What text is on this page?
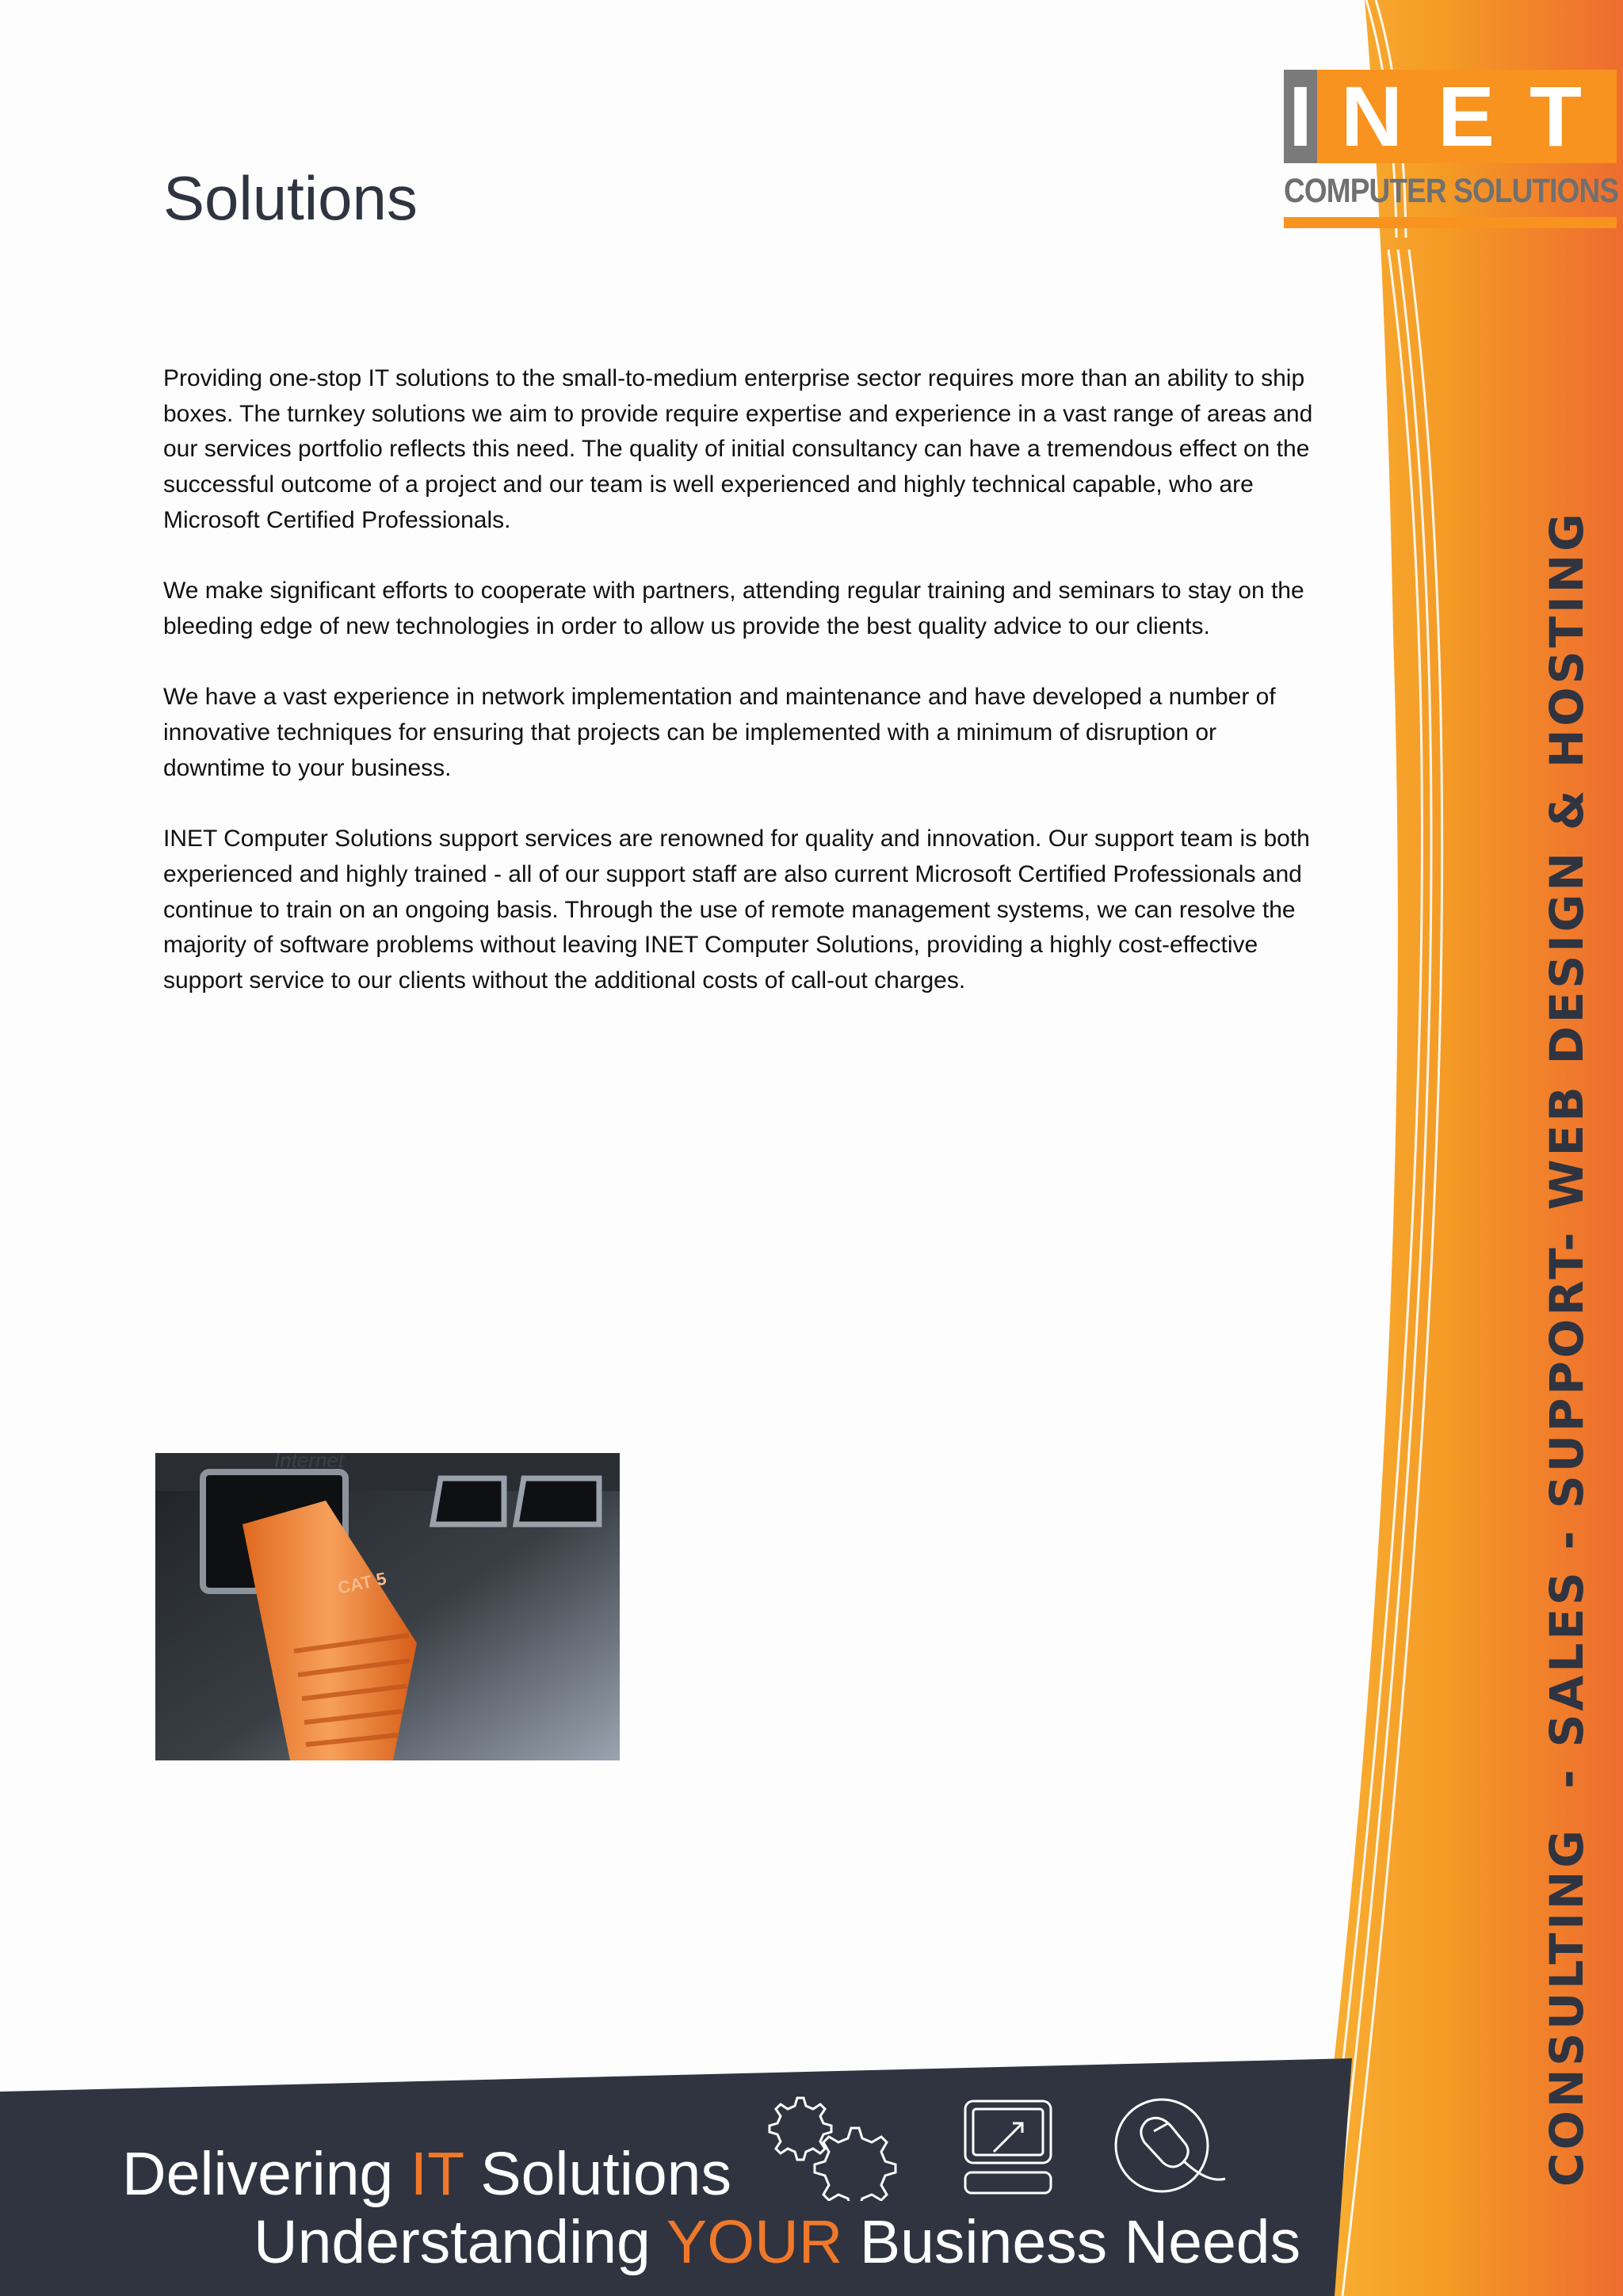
I NET
COMPUTER SOLUTIONS
Solutions

Providing one-stop IT solutions to the small-to-medium enterprise sector requires more than an ability to ship boxes. The turnkey solutions we aim to provide require expertise and experience in a vast range of areas and our services portfolio reflects this need. The quality of initial consultancy can have a tremendous effect on the successful outcome of a project and our team is well experienced and highly technical capable, who are Microsoft Certified Professionals.

We make significant efforts to cooperate with partners, attending regular training and seminars to stay on the bleeding edge of new technologies in order to allow us provide the best quality advice to our clients.

We have a vast experience in network implementation and maintenance and have developed a number of innovative techniques for ensuring that projects can be implemented with a minimum of disruption or downtime to your business.

INET Computer Solutions support services are renowned for quality and innovation. Our support team is both experienced and highly trained - all of our support staff are also current Microsoft Certified Professionals and continue to train on an ongoing basis. Through the use of remote management systems, we can resolve the majority of software problems without leaving INET Computer Solutions, providing a highly cost-effective support service to our clients without the additional costs of call-out charges.

Internet
CAT 5	CONSULTING  - SALES - SUPPORT- WEB DESIGN & HOSTING
Delivering IT Solutions
Understanding YOUR Business Needs
